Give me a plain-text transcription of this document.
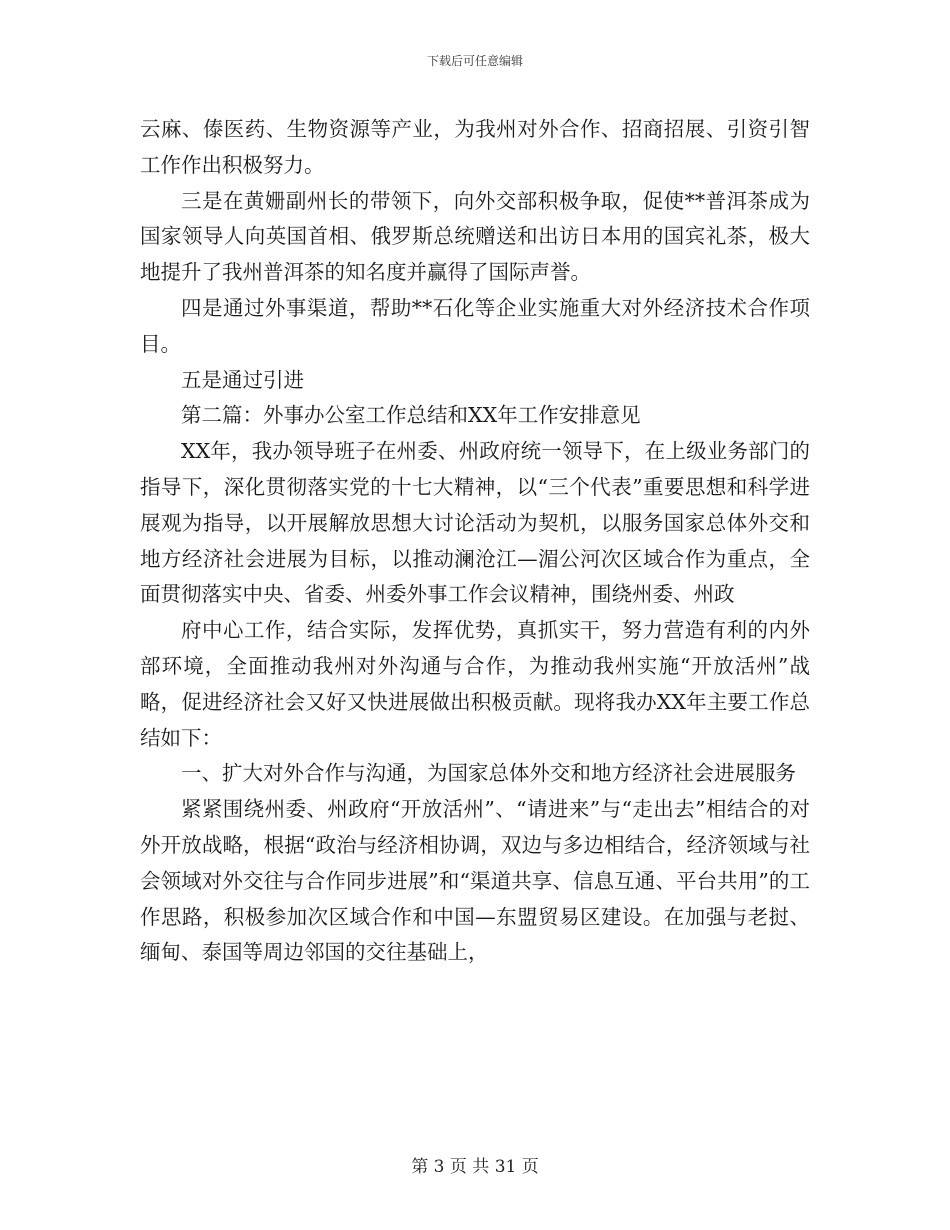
下载后可任意编辑

云麻、傣医药、生物资源等产业，为我州对外合作、招商招展、引资引智工作作出积极努力。

三是在黄姗副州长的带领下，向外交部积极争取，促使**普洱茶成为国家领导人向英国首相、俄罗斯总统赠送和出访日本用的国宾礼茶，极大地提升了我州普洱茶的知名度并赢得了国际声誉。

四是通过外事渠道，帮助**石化等企业实施重大对外经济技术合作项目。

五是通过引进

第二篇：外事办公室工作总结和XX年工作安排意见

XX年，我办领导班子在州委、州政府统一领导下，在上级业务部门的指导下，深化贯彻落实党的十七大精神，以“三个代表”重要思想和科学进展观为指导，以开展解放思想大讨论活动为契机，以服务国家总体外交和地方经济社会进展为目标，以推动澜沧江—湄公河次区域合作为重点，全面贯彻落实中央、省委、州委外事工作会议精神，围绕州委、州政

府中心工作，结合实际，发挥优势，真抓实干，努力营造有利的内外部环境，全面推动我州对外沟通与合作，为推动我州实施“开放活州”战略，促进经济社会又好又快进展做出积极贡献。现将我办XX年主要工作总结如下：

一、扩大对外合作与沟通，为国家总体外交和地方经济社会进展服务

紧紧围绕州委、州政府“开放活州”、“请进来”与“走出去”相结合的对外开放战略，根据“政治与经济相协调，双边与多边相结合，经济领域与社会领域对外交往与合作同步进展”和“渠道共享、信息互通、平台共用”的工作思路，积极参加次区域合作和中国—东盟贸易区建设。在加强与老挝、缅甸、泰国等周边邻国的交往基础上，

第 3 页 共 31 页
